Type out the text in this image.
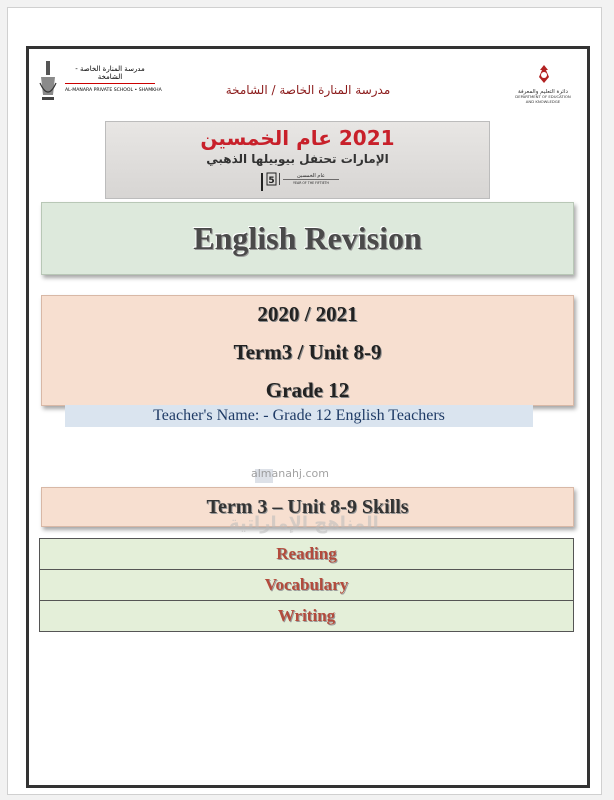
مدرسة المنارة الخاصة - الشامخة
AL-MANARA PRIVATE SCHOOL • SHAMKHA	مدرسة المنارة الخاصة / الشامخة	دائرة التعليم والمعرفة
DEPARTMENT OF EDUCATION
AND KNOWLEDGE
2021 عام الخمسين
الإمارات تحتفل بيوبيلها الذهبي
5	عام الخمسين
YEAR OF THE FIFTIETH
English Revision
2020 / 2021
Term3 / Unit 8-9
Grade 12
Teacher's Name: - Grade 12 English Teachers
almanahj.com
Term 3 – Unit 8-9 Skills
المناهج الإماراتية
Reading
Vocabulary
Writing
